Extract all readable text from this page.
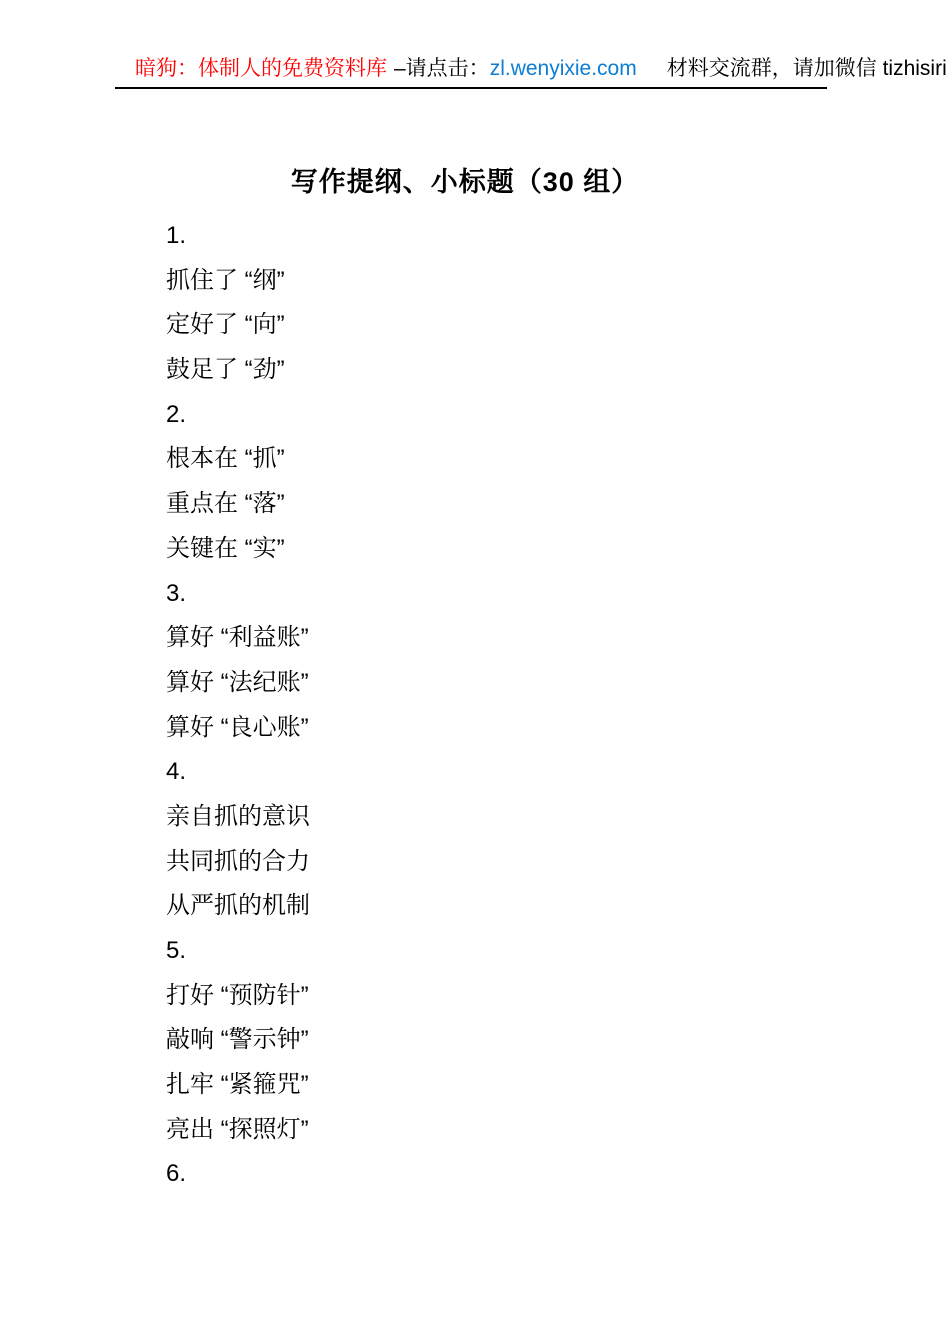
暗狗：体制人的免费资料库 –请点击：zl.wenyixie.com 材料交流群，请加微信 tizhisiri
写作提纲、小标题（30 组）

1.

抓住了 “纲”

定好了 “向”

鼓足了 “劲”

2.

根本在 “抓”

重点在 “落”

关键在 “实”

3.

算好 “利益账”

算好 “法纪账”

算好 “良心账”

4.

亲自抓的意识

共同抓的合力

从严抓的机制

5.

打好 “预防针”

敲响 “警示钟”

扎牢 “紧箍咒”

亮出 “探照灯”

6.
